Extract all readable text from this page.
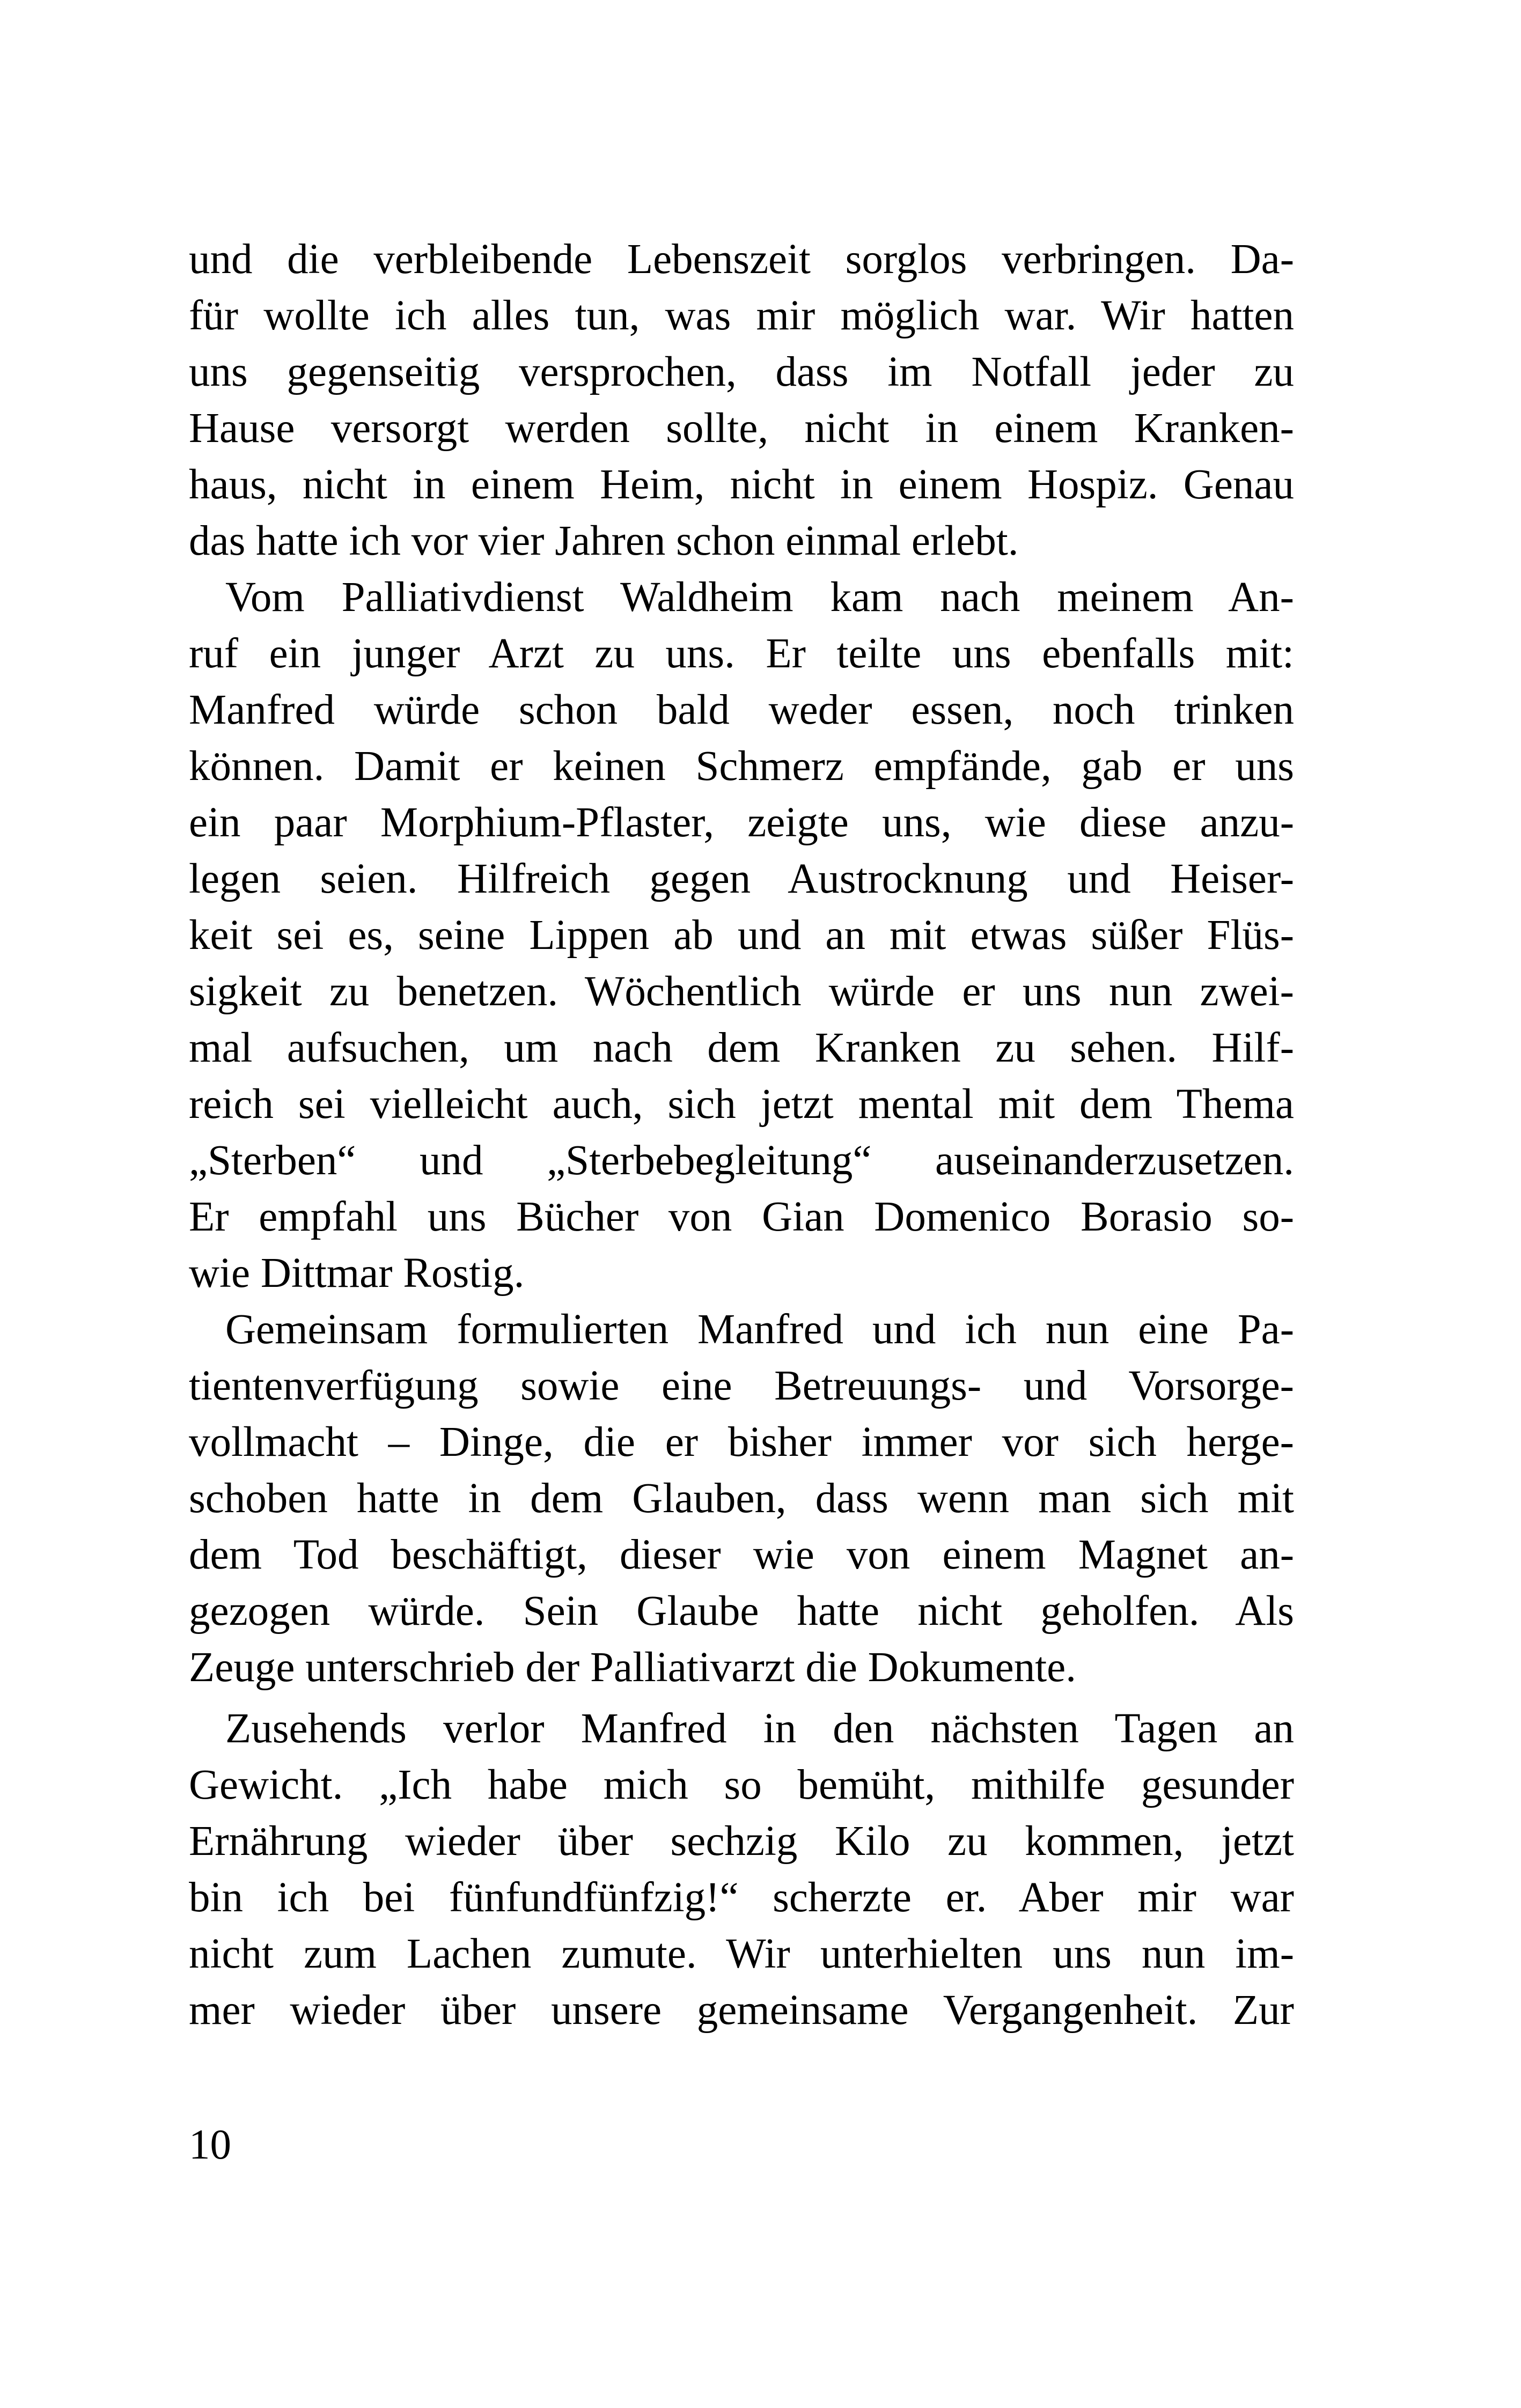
und die verbleibende Lebenszeit sorglos verbringen. Da-
für wollte ich alles tun, was mir möglich war. Wir hatten
uns gegenseitig versprochen, dass im Notfall jeder zu
Hause versorgt werden sollte, nicht in einem Kranken-
haus, nicht in einem Heim, nicht in einem Hospiz. Genau
das hatte ich vor vier Jahren schon einmal erlebt.
Vom Palliativdienst Waldheim kam nach meinem An-
ruf ein junger Arzt zu uns. Er teilte uns ebenfalls mit:
Manfred würde schon bald weder essen, noch trinken
können. Damit er keinen Schmerz empfände, gab er uns
ein paar Morphium-Pflaster, zeigte uns, wie diese anzu-
legen seien. Hilfreich gegen Austrocknung und Heiser-
keit sei es, seine Lippen ab und an mit etwas süßer Flüs-
sigkeit zu benetzen. Wöchentlich würde er uns nun zwei-
mal aufsuchen, um nach dem Kranken zu sehen. Hilf-
reich sei vielleicht auch, sich jetzt mental mit dem Thema
„Sterben“ und „Sterbebegleitung“ auseinanderzusetzen.
Er empfahl uns Bücher von Gian Domenico Borasio so-
wie Dittmar Rostig.
Gemeinsam formulierten Manfred und ich nun eine Pa-
tientenverfügung sowie eine Betreuungs- und Vorsorge-
vollmacht – Dinge, die er bisher immer vor sich herge-
schoben hatte in dem Glauben, dass wenn man sich mit
dem Tod beschäftigt, dieser wie von einem Magnet an-
gezogen würde. Sein Glaube hatte nicht geholfen. Als
Zeuge unterschrieb der Palliativarzt die Dokumente.
Zusehends verlor Manfred in den nächsten Tagen an
Gewicht. „Ich habe mich so bemüht, mithilfe gesunder
Ernährung wieder über sechzig Kilo zu kommen, jetzt
bin ich bei fünfundfünfzig!“ scherzte er. Aber mir war
nicht zum Lachen zumute. Wir unterhielten uns nun im-
mer wieder über unsere gemeinsame Vergangenheit. Zur
10
